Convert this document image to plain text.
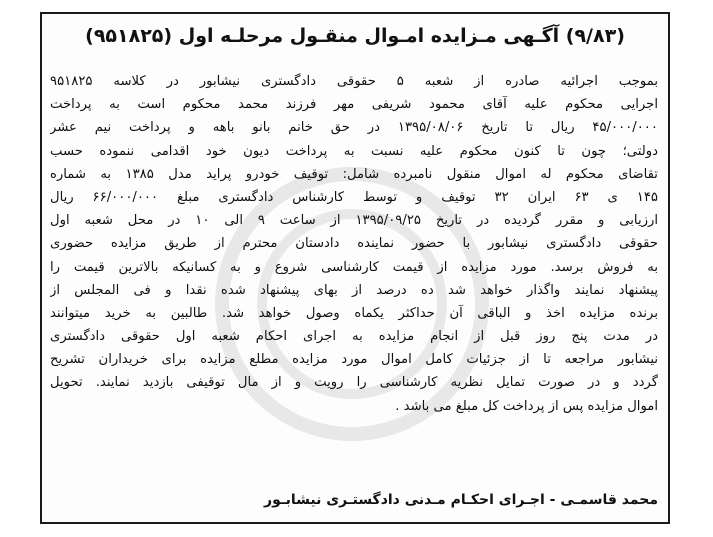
(۹/۸۳) آگـهی مـزایده امـوال منقـول مرحلـه اول (۹۵۱۸۲۵)
بموجب اجرائیه صادره از شعبه ۵ حقوقی دادگستری نیشابور در کلاسه ۹۵۱۸۲۵
اجرایی محکوم علیه آقای محمود شریفی مهر فرزند محمد محکوم است به پرداخت
۴۵/۰۰۰/۰۰۰ ریال تا تاریخ ۱۳۹۵/۰۸/۰۶ در حق خانم بانو باهه و پرداخت نیم عشر
دولتی؛ چون تا کنون محکوم علیه نسبت به پرداخت دیون خود اقدامی ننموده حسب
تقاضای محکوم له اموال منقول نامبرده شامل: توقیف خودرو پراید مدل ۱۳۸۵ به شماره
۱۴۵ ی ۶۳ ایران ۳۲ توقیف و توسط کارشناس دادگستری مبلغ ۶۶/۰۰۰/۰۰۰ ریال
ارزیابی و مقرر گردیده در تاریخ ۱۳۹۵/۰۹/۲۵ از ساعت ۹ الی ۱۰ در محل شعبه اول
حقوقی دادگستری نیشابور با حضور نماینده دادستان محترم از طریق مزایده حضوری
به فروش برسد. مورد مزایده از قیمت کارشناسی شروع و به کسانیکه بالاترین قیمت را
پیشنهاد نمایند واگذار خواهد شد ده درصد از بهای پیشنهاد شده نقدا و فی المجلس از
برنده مزایده اخذ و الباقی آن حداکثر یکماه وصول خواهد شد. طالبین به خرید میتوانند
در مدت پنج روز قبل از انجام مزایده به اجرای احکام شعبه اول حقوقی دادگستری
نیشابور مراجعه تا از جزئیات کامل اموال مورد مزایده مطلع مزایده برای خریداران تشریح
گردد و در صورت تمایل نظریه کارشناسی را رویت و از مال توقیفی بازدید نمایند. تحویل
اموال مزایده پس از پرداخت کل مبلغ می باشد .
محمد قاسمـی - اجـرای احکـام مـدنی دادگستـری نیشابـور
